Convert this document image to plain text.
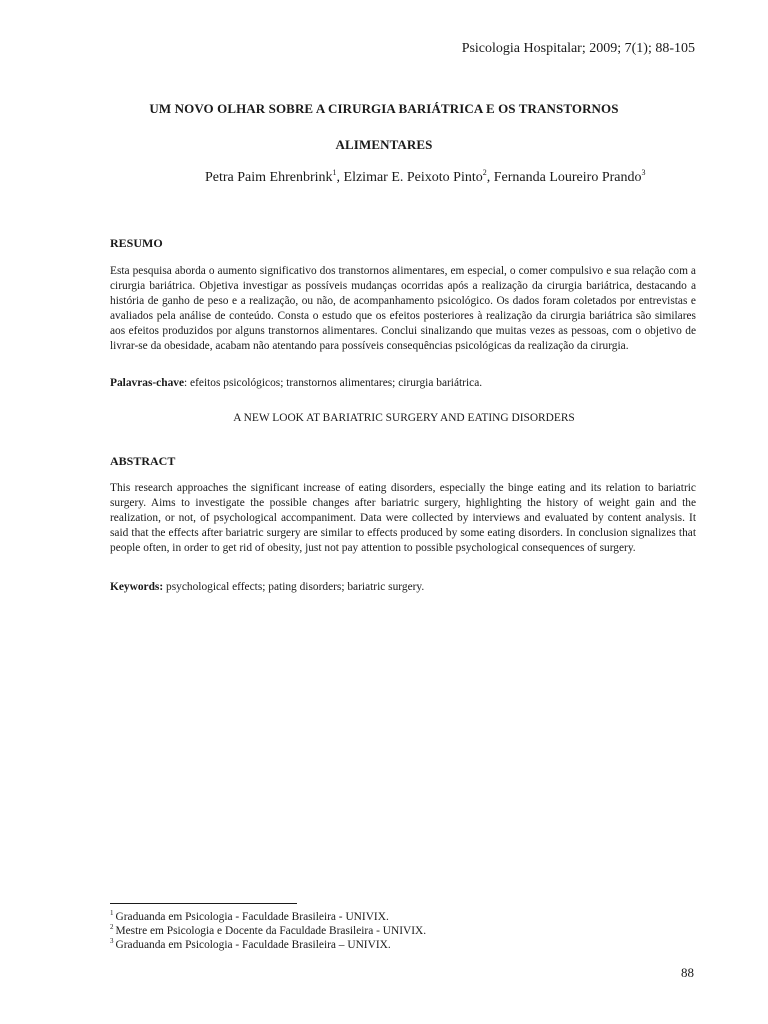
Psicologia Hospitalar; 2009; 7(1); 88-105
UM NOVO OLHAR SOBRE A CIRURGIA BARIÁTRICA E OS TRANSTORNOS
ALIMENTARES
Petra Paim Ehrenbrink$^1$, Elzimar E. Peixoto Pinto$^2$, Fernanda Loureiro Prando$^3$
RESUMO
Esta pesquisa aborda o aumento significativo dos transtornos alimentares, em especial, o comer compulsivo e sua relação com a cirurgia bariátrica. Objetiva investigar as possíveis mudanças ocorridas após a realização da cirurgia bariátrica, destacando a história de ganho de peso e a realização, ou não, de acompanhamento psicológico. Os dados foram coletados por entrevistas e avaliados pela análise de conteúdo. Consta o estudo que os efeitos posteriores à realização da cirurgia bariátrica são similares aos efeitos produzidos por alguns transtornos alimentares. Conclui sinalizando que muitas vezes as pessoas, com o objetivo de livrar-se da obesidade, acabam não atentando para possíveis consequências psicológicas da realização da cirurgia.
Palavras-chave: efeitos psicológicos; transtornos alimentares; cirurgia bariátrica.
A NEW LOOK AT BARIATRIC SURGERY AND EATING DISORDERS
ABSTRACT
This research approaches the significant increase of eating disorders, especially the binge eating and its relation to bariatric surgery. Aims to investigate the possible changes after bariatric surgery, highlighting the history of weight gain and the realization, or not, of psychological accompaniment. Data were collected by interviews and evaluated by content analysis. It said that the effects after bariatric surgery are similar to effects produced by some eating disorders. In conclusion signalizes that people often, in order to get rid of obesity, just not pay attention to possible psychological consequences of surgery.
Keywords: psychological effects; pating disorders; bariatric surgery.
$^1$ Graduanda em Psicologia - Faculdade Brasileira - UNIVIX.
$^2$ Mestre em Psicologia e Docente da Faculdade Brasileira - UNIVIX.
$^3$ Graduanda em Psicologia - Faculdade Brasileira – UNIVIX.
88
